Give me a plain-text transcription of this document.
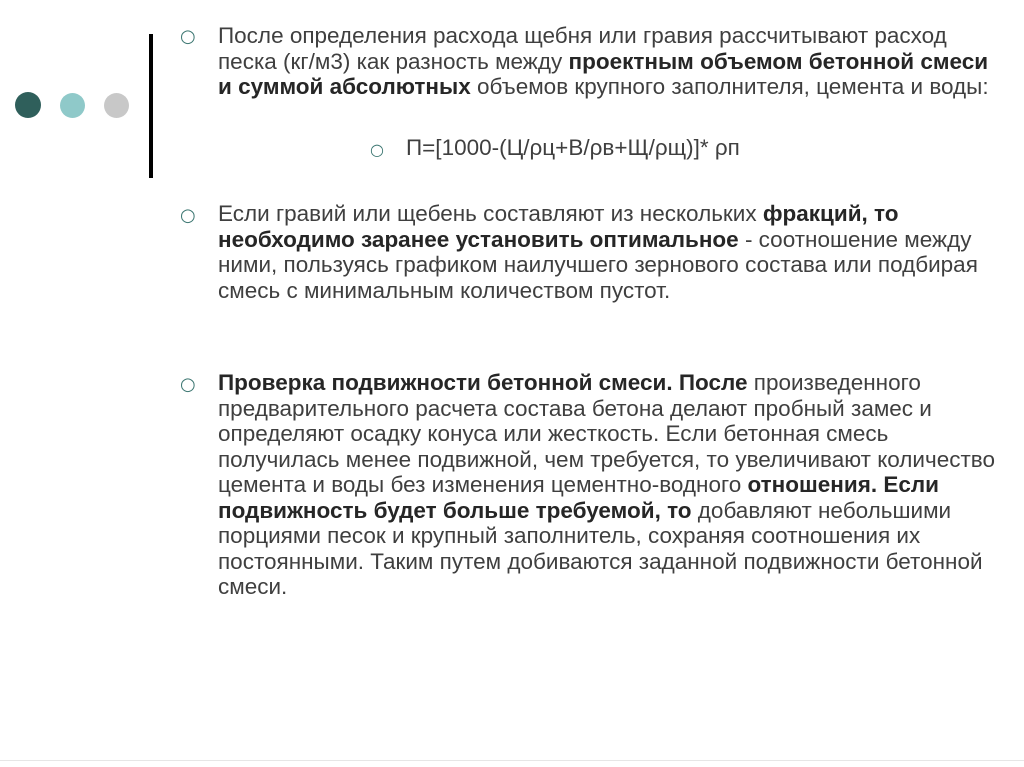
○ После определения расхода щебня или гравия рассчитывают расход песка (кг/м3) как разность между проектным объемом бетонной смеси и суммой абсолютных объемов крупного заполнителя, цемента и воды:

○ П=[1000-(Ц/ρц+В/ρв+Щ/ρщ)]* ρп
○ Если гравий или щебень составляют из нескольких фракций, то необходимо заранее установить оптимальное - соотношение между ними, пользуясь графиком наилучшего зернового состава или подбирая смесь с минимальным количеством пустот.

○ Проверка подвижности бетонной смеси. После произведенного предварительного расчета состава бетона делают пробный замес и определяют осадку конуса или жесткость. Если бетонная смесь получилась менее подвижной, чем требуется, то увеличивают количество цемента и воды без изменения цементно-водного отношения. Если подвижность будет больше требуемой, то добавляют небольшими порциями песок и крупный заполнитель, сохраняя соотношения их постоянными. Таким путем добиваются заданной подвижности бетонной смеси.
